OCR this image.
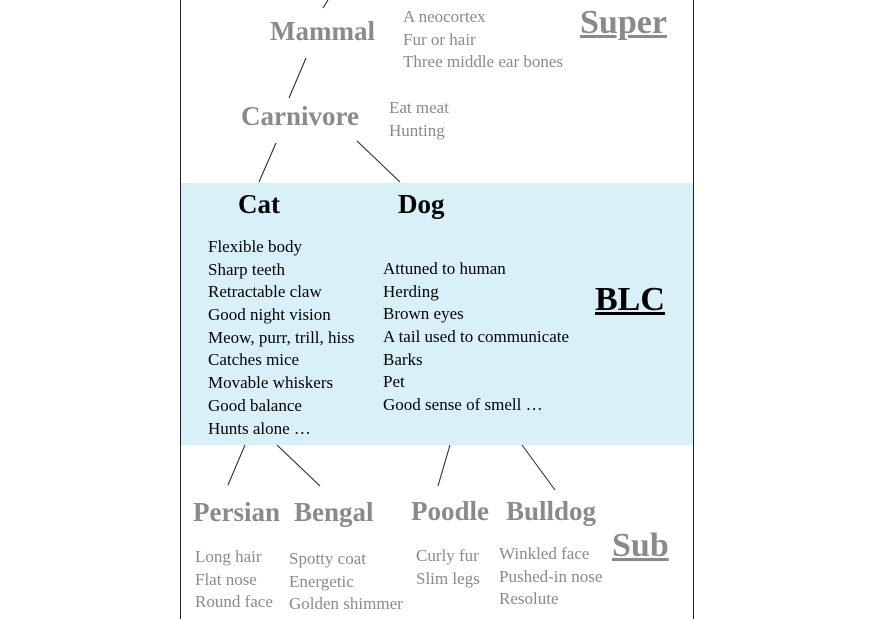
Super
BLC
Sub
Mammal A neocortex
Fur or hair
Three middle ear bones
Carnivore Eat meat
Hunting
Cat	Dog
Flexible body
Sharp teeth
Retractable claw
Good night vision
Meow, purr, trill, hiss
Catches mice
Movable whiskers
Good balance
Hunts alone …
Attuned to human
Herding
Brown eyes
A tail used to communicate
Barks
Pet
Good sense of smell …
Persian Bengal Poodle Bulldog
Long hair
Flat nose
Round face
Spotty coat
Energetic
Golden shimmer
Curly fur
Slim legs
Winkled face
Pushed-in nose
Resolute
